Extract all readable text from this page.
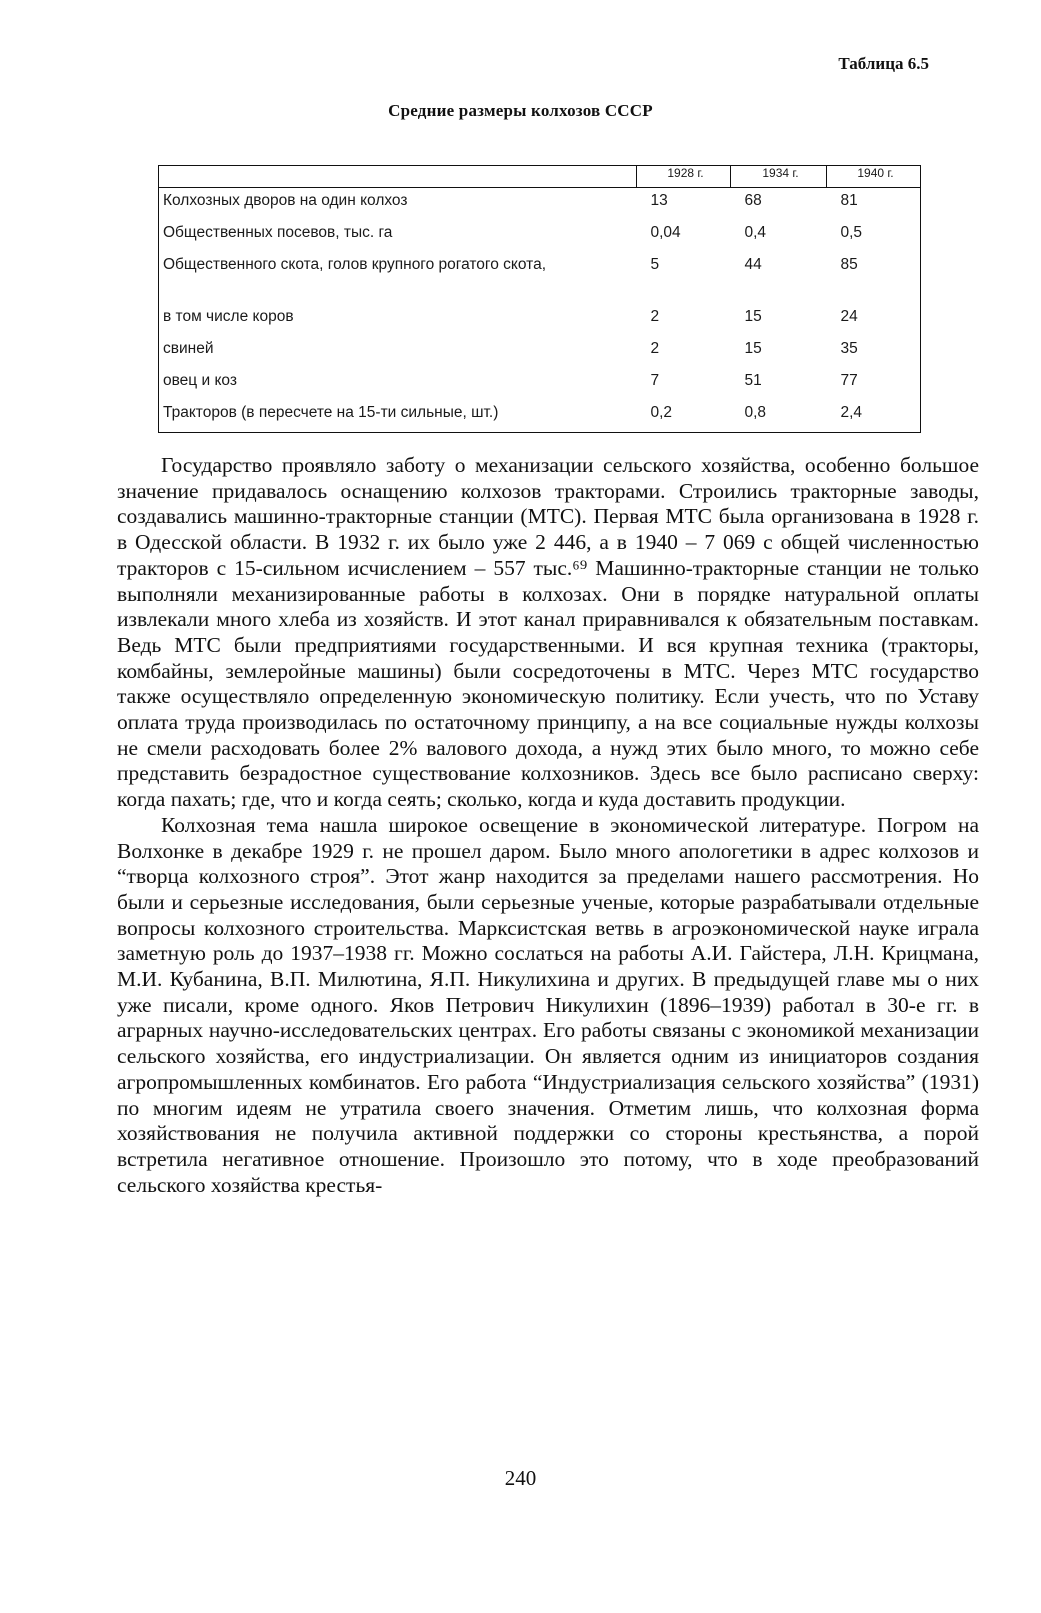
Таблица 6.5
Средние размеры колхозов СССР
	1928 г.	1934 г.	1940 г.
Колхозных дворов на один колхоз	13	68	81
Общественных посевов, тыс. га	0,04	0,4	0,5
Общественного скота, голов крупного рогатого скота,	5	44	85
в том числе коров	2	15	24
свиней	2	15	35
овец и коз	7	51	77
Тракторов (в пересчете на 15-ти сильные, шт.)	0,2	0,8	2,4

Государство проявляло заботу о механизации сельского хозяйства, особенно большое значение придавалось оснащению колхозов тракторами. Строились тракторные заводы, создавались машинно-тракторные станции (МТС). Первая МТС была организована в 1928 г. в Одесской области. В 1932 г. их было уже 2 446, а в 1940 – 7 069 с общей численностью тракторов с 15-сильном исчислением – 557 тыс.⁶⁹ Машинно-тракторные станции не только выполняли механизированные работы в колхозах. Они в порядке натуральной оплаты извлекали много хлеба из хозяйств. И этот канал приравнивался к обязательным поставкам. Ведь МТС были предприятиями государственными. И вся крупная техника (тракторы, комбайны, землеройные машины) были сосредоточены в МТС. Через МТС государство также осуществляло определенную экономическую политику. Если учесть, что по Уставу оплата труда производилась по остаточному принципу, а на все социальные нужды колхозы не смели расходовать более 2% валового дохода, а нужд этих было много, то можно себе представить безрадостное существование колхозников. Здесь все было расписано сверху: когда пахать; где, что и когда сеять; сколько, когда и куда доставить продукции.

Колхозная тема нашла широкое освещение в экономической литературе. Погром на Волхонке в декабре 1929 г. не прошел даром. Было много апологетики в адрес колхозов и “творца колхозного строя”. Этот жанр находится за пределами нашего рассмотрения. Но были и серьезные исследования, были серьезные ученые, которые разрабатывали отдельные вопросы колхозного строительства. Марксистская ветвь в агроэкономической науке играла заметную роль до 1937–1938 гг. Можно сослаться на работы А.И. Гайстера, Л.Н. Крицмана, М.И. Кубанина, В.П. Милютина, Я.П. Никулихина и других. В предыдущей главе мы о них уже писали, кроме одного. Яков Петрович Никулихин (1896–1939) работал в 30-е гг. в аграрных научно-исследовательских центрах. Его работы связаны с экономикой механизации сельского хозяйства, его индустриализации. Он является одним из инициаторов создания агропромышленных комбинатов. Его работа “Индустриализация сельского хозяйства” (1931) по многим идеям не утратила своего значения. Отметим лишь, что колхозная форма хозяйствования не получила активной поддержки со стороны крестьянства, а порой встретила негативное отношение. Произошло это потому, что в ходе преобразований сельского хозяйства крестья-

240
